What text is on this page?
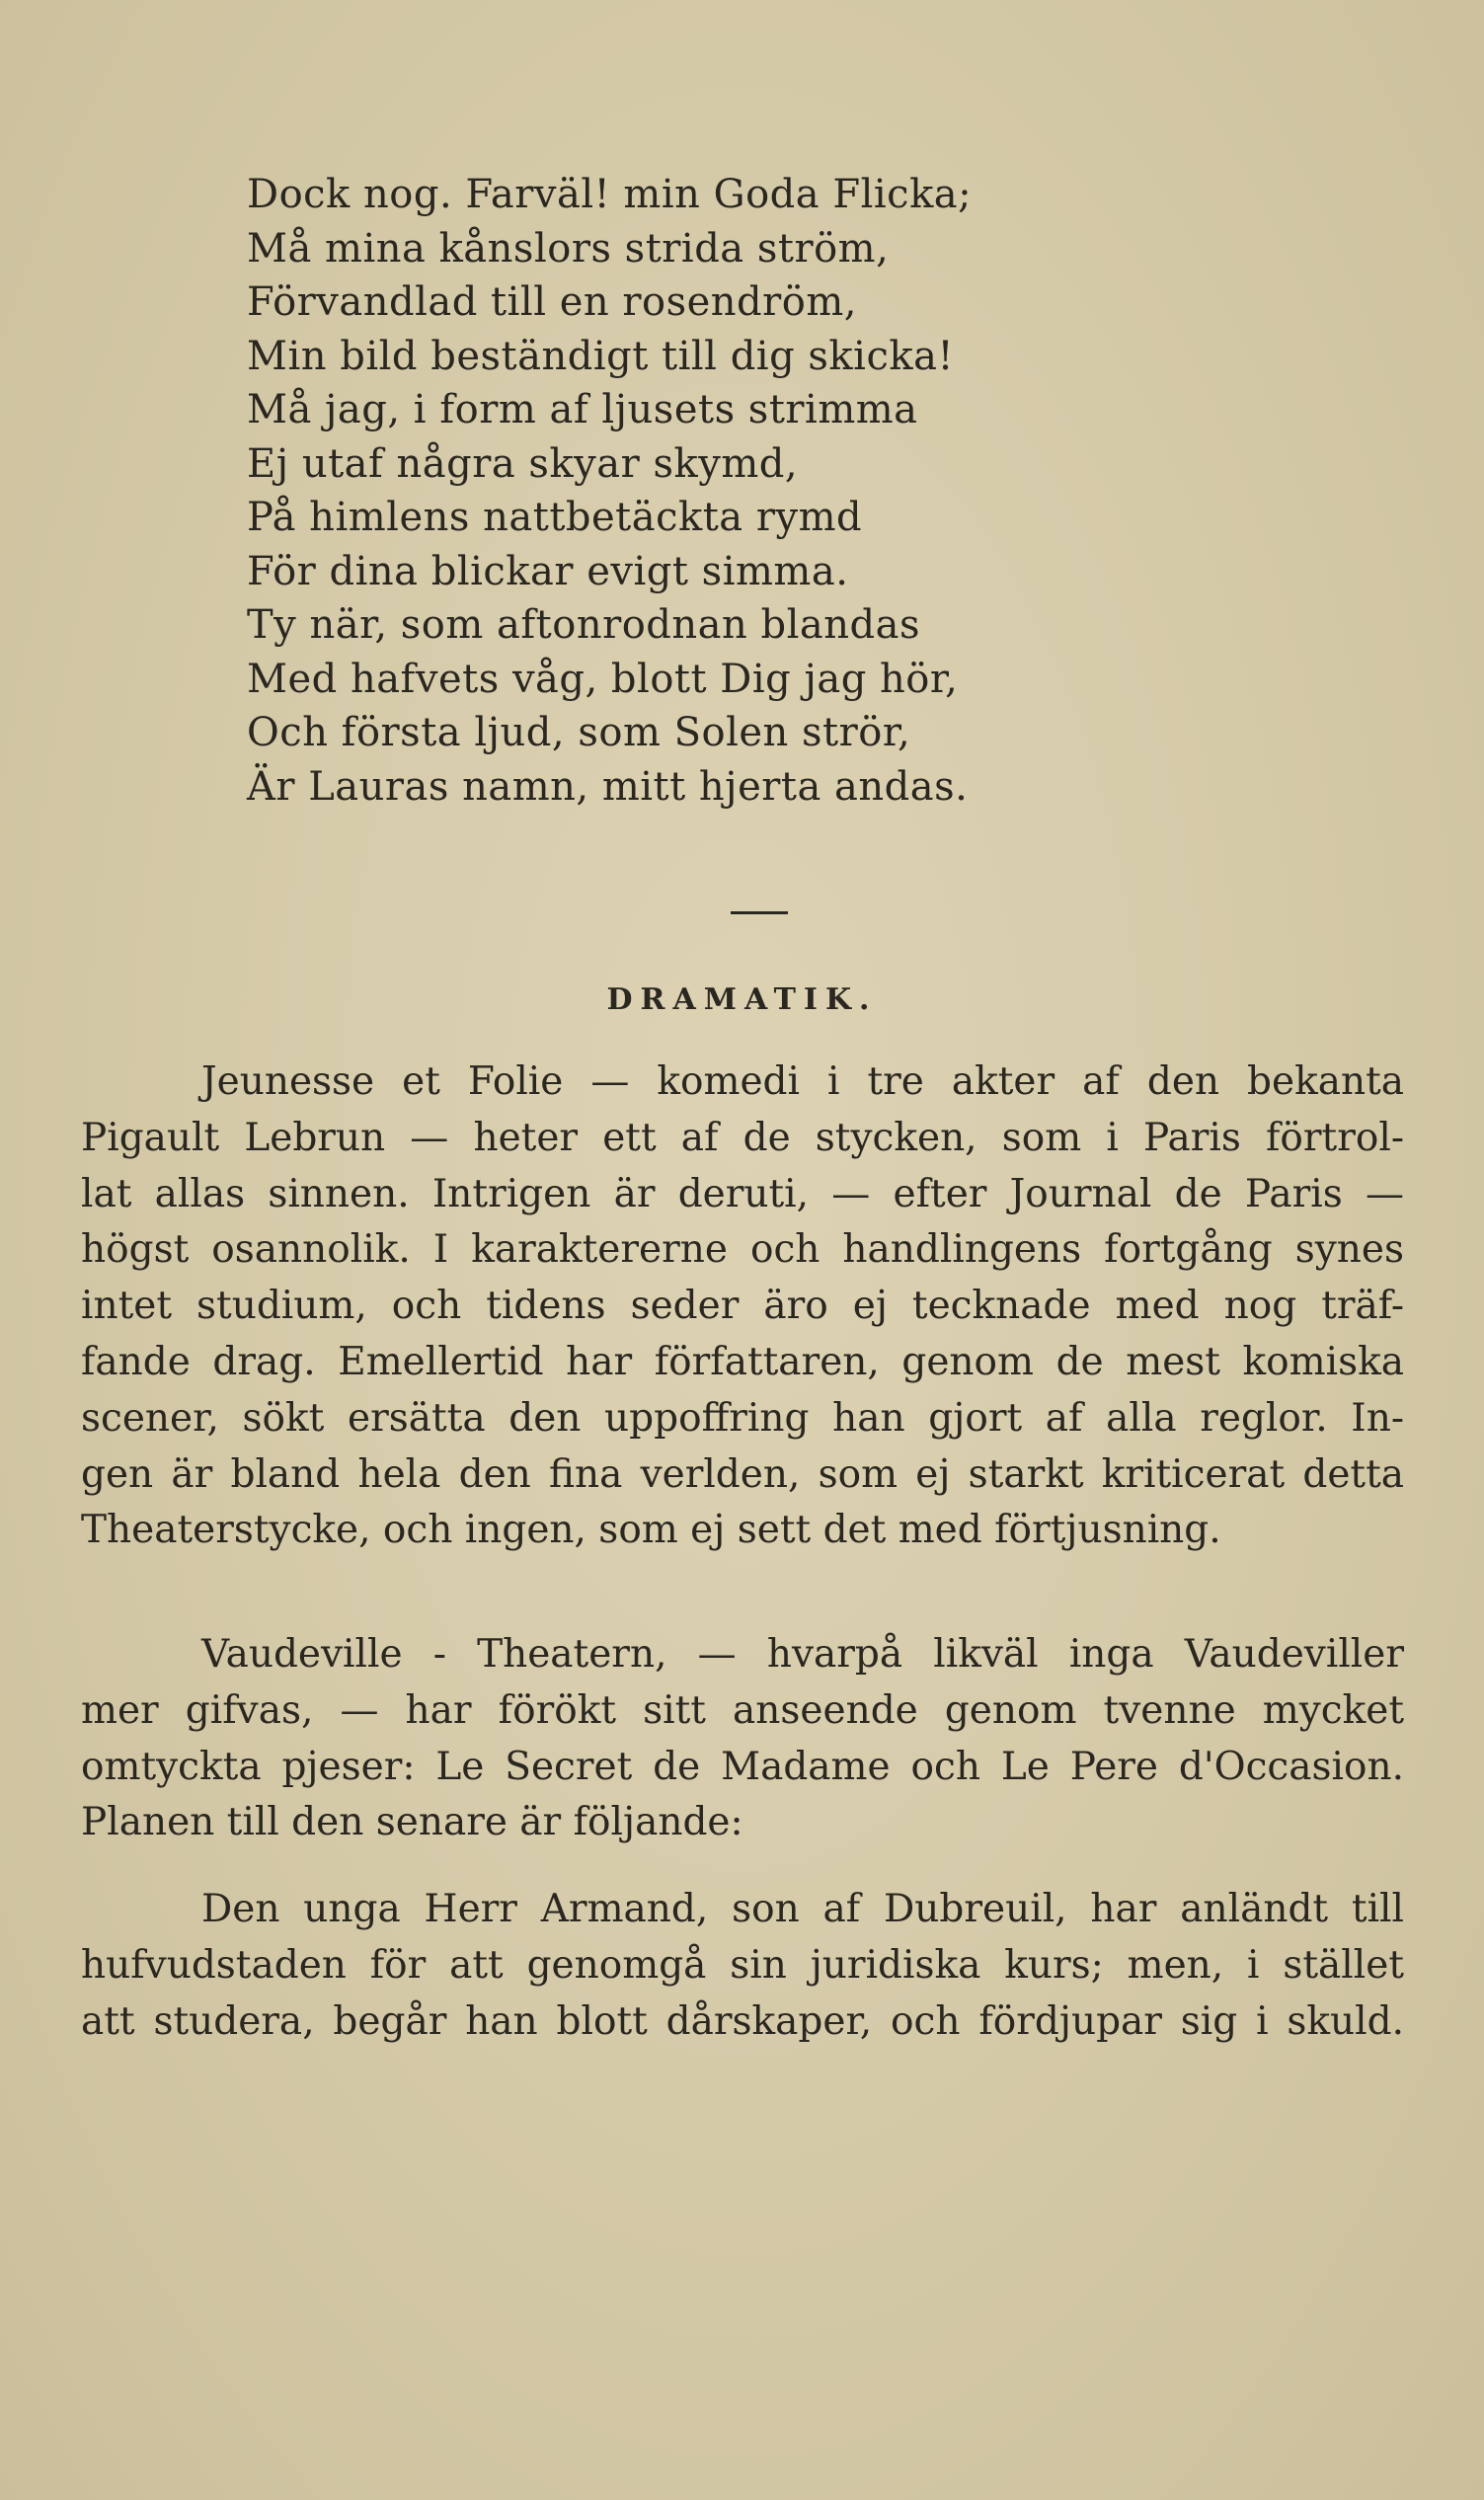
Dock nog. Farväl! min Goda Flicka;
Må mina kånslors strida ström,
Förvandlad till en rosendröm,
Min bild beständigt till dig skicka!
Må jag, i form af ljusets strimma
Ej utaf några skyar skymd,
På himlens nattbetäckta rymd
För dina blickar evigt simma.
Ty när, som aftonrodnan blandas
Med hafvets våg, blott Dig jag hör,
Och första ljud, som Solen strör,
Är Lauras namn, mitt hjerta andas.
DRAMATIK.
Jeunesse et Folie — komedi i tre akter af den bekanta
Pigault Lebrun — heter ett af de stycken, som i Paris förtrol-
lat allas sinnen. Intrigen är deruti, — efter Journal de Paris —
högst osannolik. I karaktererne och handlingens fortgång synes
intet studium, och tidens seder äro ej tecknade med nog träf-
fande drag. Emellertid har författaren, genom de mest komiska
scener, sökt ersätta den uppoffring han gjort af alla reglor. In-
gen är bland hela den fina verlden, som ej starkt kriticerat detta
Theaterstycke, och ingen, som ej sett det med förtjusning.
Vaudeville - Theatern, — hvarpå likväl inga Vaudeviller
mer gifvas, — har förökt sitt anseende genom tvenne mycket
omtyckta pjeser: Le Secret de Madame och Le Pere d'Occasion.
Planen till den senare är följande:
Den unga Herr Armand, son af Dubreuil, har anländt till
hufvudstaden för att genomgå sin juridiska kurs; men, i stället
att studera, begår han blott dårskaper, och fördjupar sig i skuld.
